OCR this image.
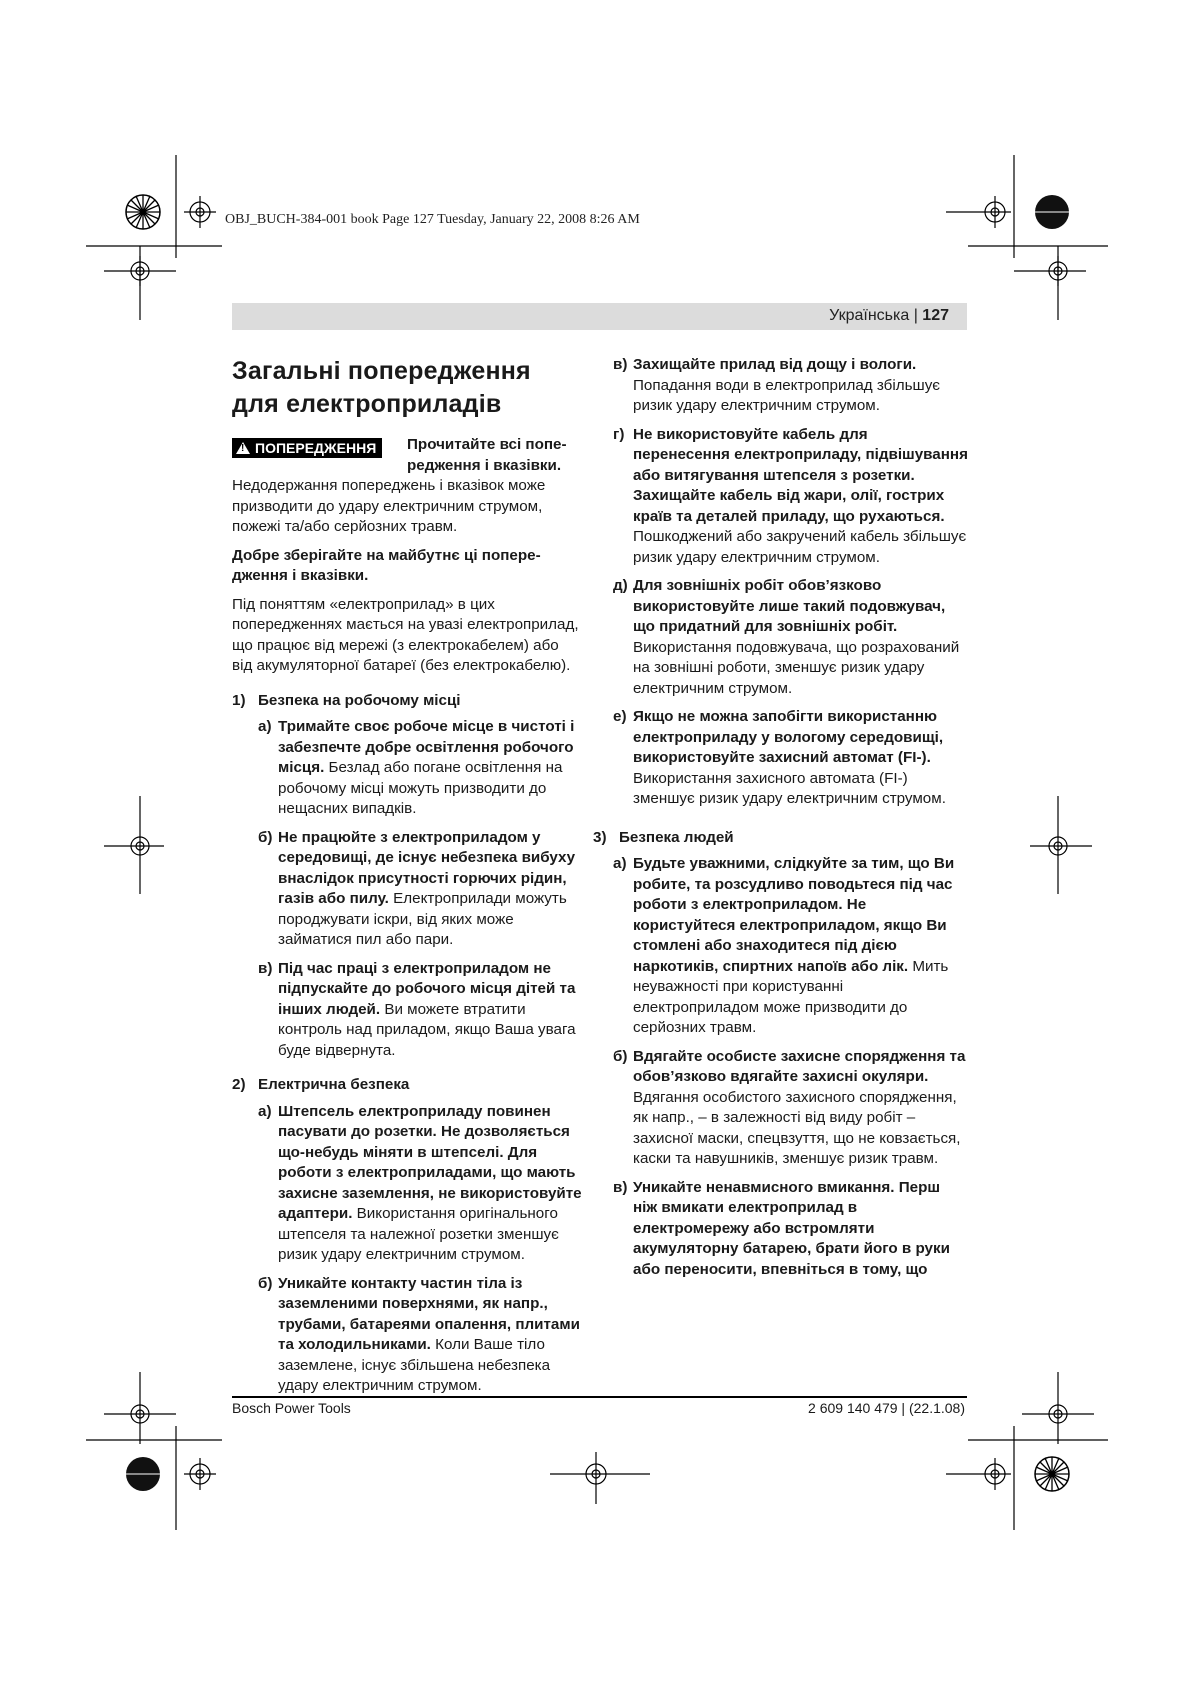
OBJ_BUCH-384-001 book Page 127 Tuesday, January 22, 2008 8:26 AM
Українська | 127
Загальні попередження для електроприладів
! ПОПЕРЕДЖЕННЯ	Прочитайте всі попе-редження і вказівки.

Недодержання попереджень і вказівок може призводити до удару електричним струмом, пожежі та/або серйозних травм.

Добре зберігайте на майбутнє ці попере-дження і вказівки.

Під поняттям «електроприлад» в цих попередженнях мається на увазі електроприлад, що працює від мережі (з електрокабелем) або від акумуляторної батареї (без електрокабелю).

1) Безпека на робочому місці
а) Тримайте своє робоче місце в чистоті і забезпечте добре освітлення робочого місця. Безлад або погане освітлення на робочому місці можуть призводити до нещасних випадків.
б) Не працюйте з електроприладом у середовищі, де існує небезпека вибуху внаслідок присутності горючих рідин, газів або пилу. Електроприлади можуть породжувати іскри, від яких може займатися пил або пари.
в) Під час праці з електроприладом не підпускайте до робочого місця дітей та інших людей. Ви можете втратити контроль над приладом, якщо Ваша увага буде відвернута.
2) Електрична безпека
а) Штепсель електроприладу повинен пасувати до розетки. Не дозволяється що-небудь міняти в штепселі. Для роботи з електроприладами, що мають захисне заземлення, не використовуйте адаптери. Використання оригінального штепселя та належної розетки зменшує ризик удару електричним струмом.
б) Уникайте контакту частин тіла із заземленими поверхнями, як напр., трубами, батареями опалення, плитами та холодильниками. Коли Ваше тіло заземлене, існує збільшена небезпека удару електричним струмом.
в) Захищайте прилад від дощу і вологи. Попадання води в електроприлад збільшує ризик удару електричним струмом.
г) Не використовуйте кабель для перенесення електроприладу, підвішування або витягування штепселя з розетки. Захищайте кабель від жари, олії, гострих країв та деталей приладу, що рухаються. Пошкоджений або закручений кабель збільшує ризик удару електричним струмом.
д) Для зовнішніх робіт обов’язково використовуйте лише такий подовжувач, що придатний для зовнішніх робіт. Використання подовжувача, що розрахований на зовнішні роботи, зменшує ризик удару електричним струмом.
е) Якщо не можна запобігти використанню електроприладу у вологому середовищі, використовуйте захисний автомат (FI-). Використання захисного автомата (FI-) зменшує ризик удару електричним струмом.
3) Безпека людей
а) Будьте уважними, слідкуйте за тим, що Ви робите, та розсудливо поводьтеся під час роботи з електроприладом. Не користуйтеся електроприладом, якщо Ви стомлені або знаходитеся під дією наркотиків, спиртних напоїв або лік. Мить неуважності при користуванні електроприладом може призводити до серйозних травм.
б) Вдягайте особисте захисне спорядження та обов’язково вдягайте захисні окуляри. Вдягання особистого захисного спорядження, як напр., – в залежності від виду робіт – захисної маски, спецвзуття, що не ковзається, каски та навушників, зменшує ризик травм.
в) Уникайте ненавмисного вмикання. Перш ніж вмикати електроприлад в електромережу або встромляти акумуляторну батарею, брати його в руки або переносити, впевніться в тому, що
Bosch Power Tools	2 609 140 479 | (22.1.08)
